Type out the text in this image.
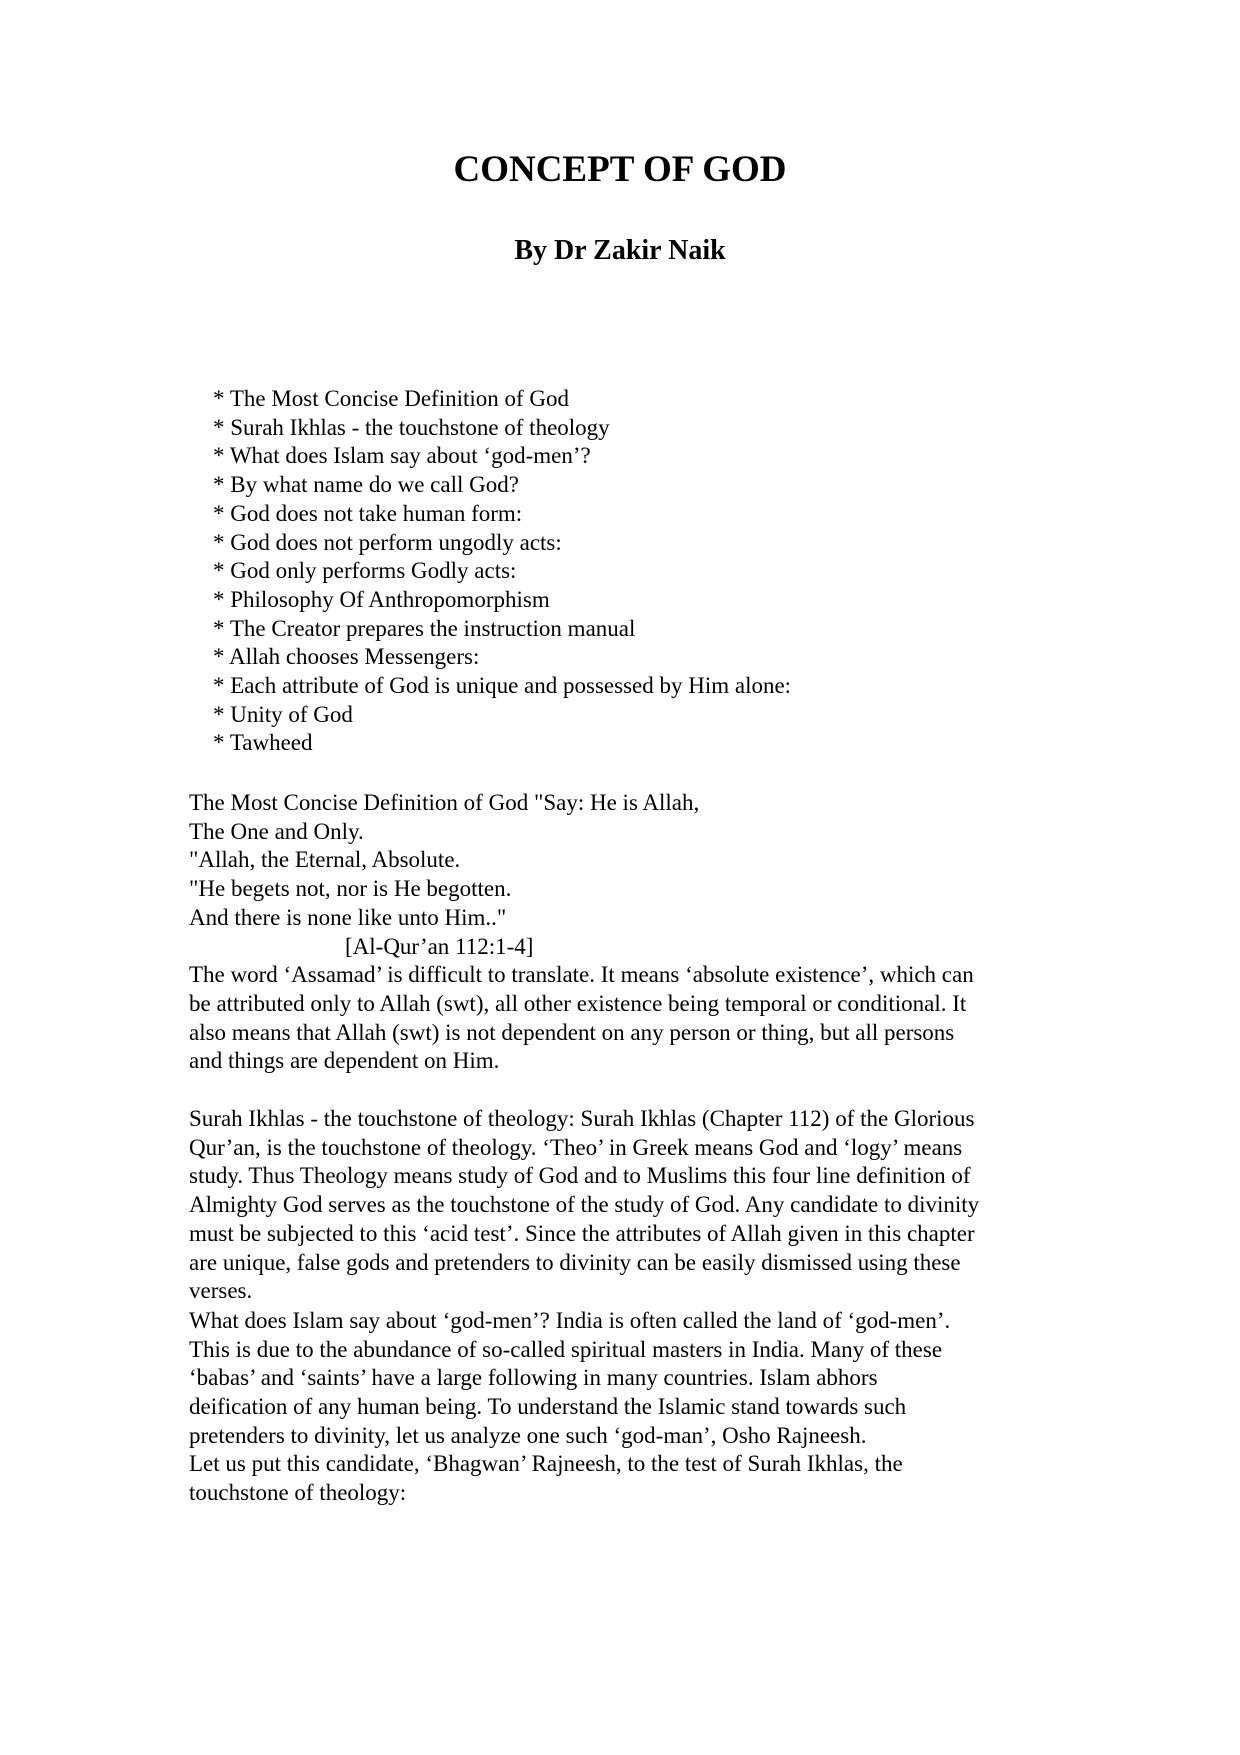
CONCEPT OF GOD
By Dr Zakir Naik
* The Most Concise Definition of God
* Surah Ikhlas - the touchstone of theology
* What does Islam say about ‘god-men’?
* By what name do we call God?
* God does not take human form:
* God does not perform ungodly acts:
* God only performs Godly acts:
* Philosophy Of Anthropomorphism
* The Creator prepares the instruction manual
* Allah chooses Messengers:
* Each attribute of God is unique and possessed by Him alone:
* Unity of God
* Tawheed
The Most Concise Definition of God "Say: He is Allah,
The One and Only.
"Allah, the Eternal, Absolute.
"He begets not, nor is He begotten.
And there is none like unto Him.."
[Al-Qur’an 112:1-4]
The word ‘Assamad’ is difficult to translate. It means ‘absolute existence’, which can
be attributed only to Allah (swt), all other existence being temporal or conditional. It
also means that Allah (swt) is not dependent on any person or thing, but all persons
and things are dependent on Him.
Surah Ikhlas - the touchstone of theology: Surah Ikhlas (Chapter 112) of the Glorious
Qur’an, is the touchstone of theology. ‘Theo’ in Greek means God and ‘logy’ means
study. Thus Theology means study of God and to Muslims this four line definition of
Almighty God serves as the touchstone of the study of God. Any candidate to divinity
must be subjected to this ‘acid test’. Since the attributes of Allah given in this chapter
are unique, false gods and pretenders to divinity can be easily dismissed using these
verses.
What does Islam say about ‘god-men’? India is often called the land of ‘god-men’.
This is due to the abundance of so-called spiritual masters in India. Many of these
‘babas’ and ‘saints’ have a large following in many countries. Islam abhors
deification of any human being. To understand the Islamic stand towards such
pretenders to divinity, let us analyze one such ‘god-man’, Osho Rajneesh.
Let us put this candidate, ‘Bhagwan’ Rajneesh, to the test of Surah Ikhlas, the
touchstone of theology:
